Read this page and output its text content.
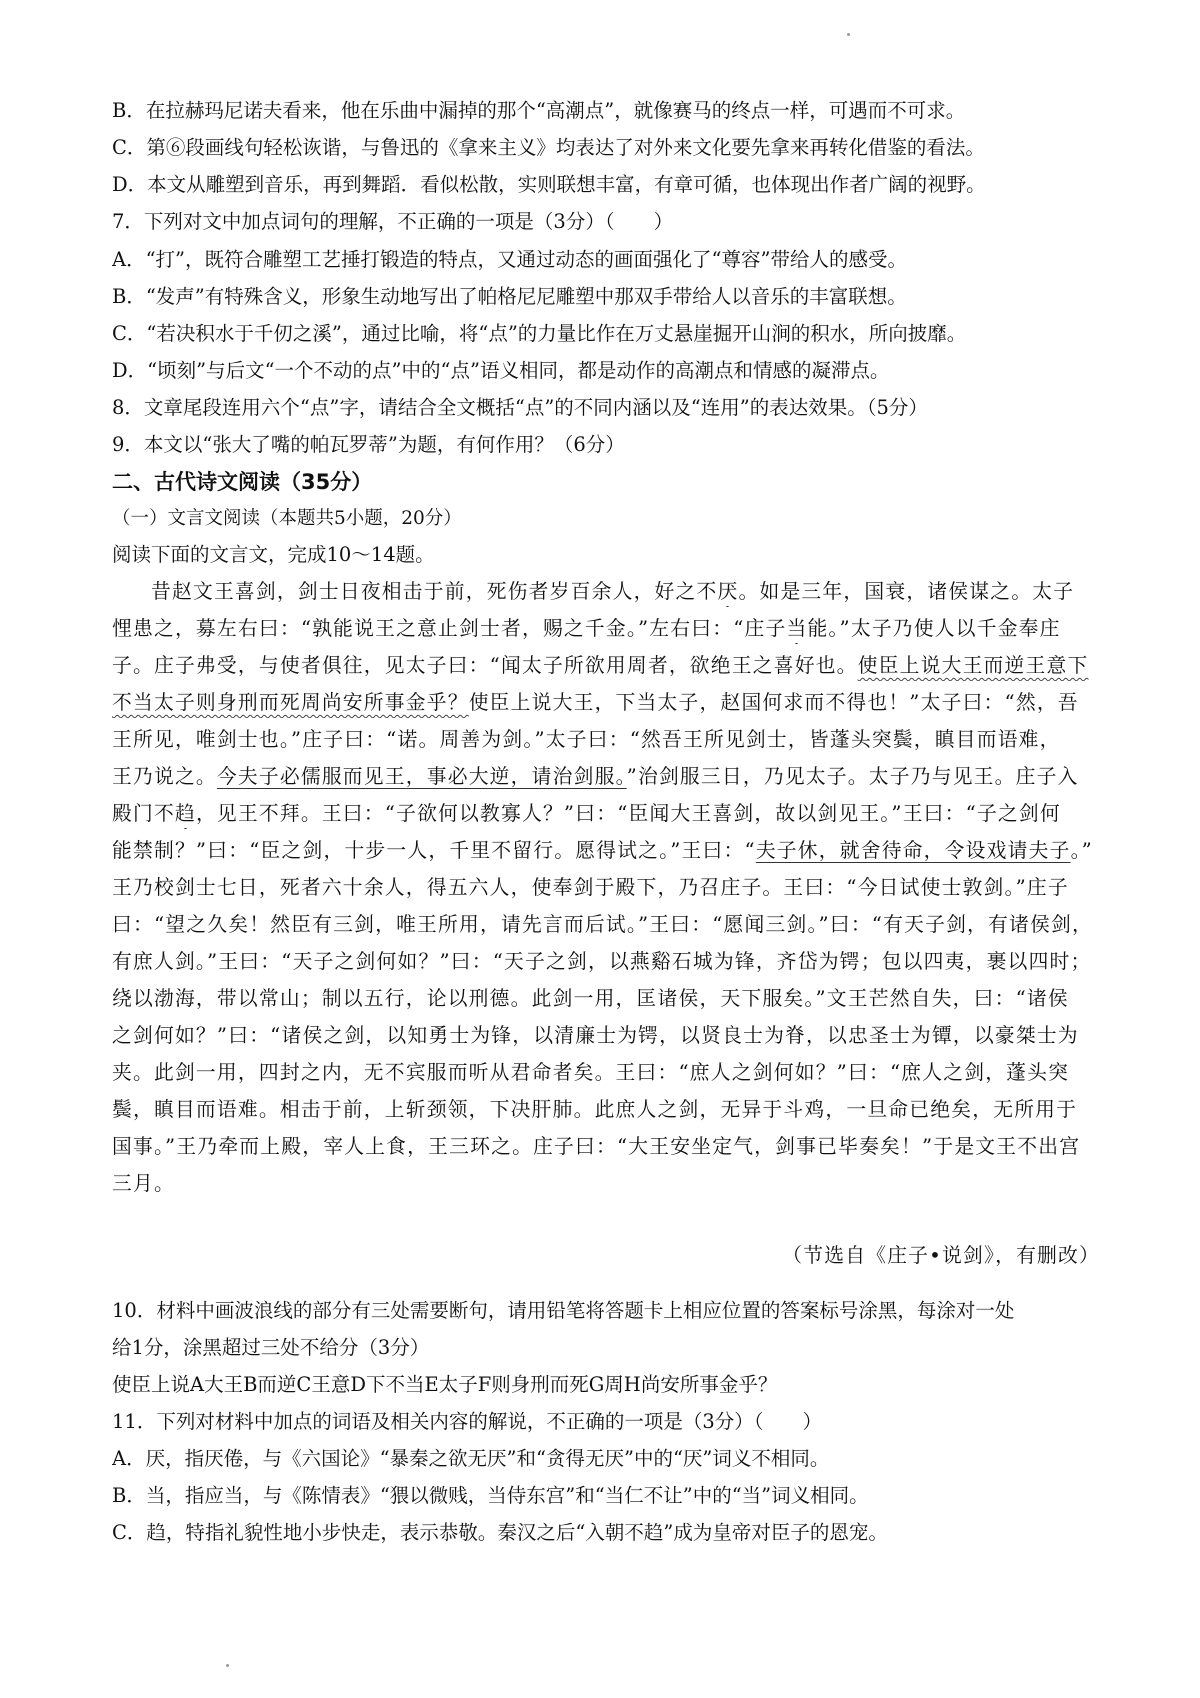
B．在拉赫玛尼诺夫看来，他在乐曲中漏掉的那个“高潮点”，就像赛马的终点一样，可遇而不可求。
C．第⑥段画线句轻松诙谐，与鲁迅的《拿来主义》均表达了对外来文化要先拿来再转化借鉴的看法。
D．本文从雕塑到音乐，再到舞蹈．看似松散，实则联想丰富，有章可循，也体现出作者广阔的视野。
7．下列对文中加点词句的理解，不正确的一项是（3分）（　　）
A．“打”，既符合雕塑工艺捶打锻造的特点，又通过动态的画面强化了“尊容”带给人的感受。
B．“发声”有特殊含义，形象生动地写出了帕格尼尼雕塑中那双手带给人以音乐的丰富联想。
C．“若决积水于千仞之溪”，通过比喻，将“点”的力量比作在万丈悬崖掘开山涧的积水，所向披靡。
D．“顷刻”与后文“一个不动的点”中的“点”语义相同，都是动作的高潮点和情感的凝滞点。
8．文章尾段连用六个“点”字，请结合全文概括“点”的不同内涵以及“连用”的表达效果。（5分）
9．本文以“张大了嘴的帕瓦罗蒂”为题，有何作用？（6分）
二、古代诗文阅读（35分）
（一）文言文阅读（本题共5小题，20分）
阅读下面的文言文，完成10～14题。
昔赵文王喜剑，剑士日夜相击于前，死伤者岁百余人，好之不厌。如是三年，国衰，诸侯谋之。太子
悝患之，募左右曰：“孰能说王之意止剑士者，赐之千金。”左右曰：“庄子当能。”太子乃使人以千金奉庄
子。庄子弗受，与使者俱往，见太子曰：“闻太子所欲用周者，欲绝王之喜好也。使臣上说大王而逆王意下
不当太子则身刑而死周尚安所事金乎？使臣上说大王，下当太子，赵国何求而不得也！”太子曰：“然，吾
王所见，唯剑士也。”庄子曰：“诺。周善为剑。”太子曰：“然吾王所见剑士，皆蓬头突鬓，瞋目而语难，
王乃说之。今夫子必儒服而见王，事必大逆，请治剑服。”治剑服三日，乃见太子。太子乃与见王。庄子入
殿门不趋，见王不拜。王曰：“子欲何以教寡人？”曰：“臣闻大王喜剑，故以剑见王。”王曰：“子之剑何
能禁制？”曰：“臣之剑，十步一人，千里不留行。愿得试之。”王曰：“夫子休，就舍待命，令设戏请夫子。”
王乃校剑士七日，死者六十余人，得五六人，使奉剑于殿下，乃召庄子。王曰：“今日试使士敦剑。”庄子
曰：“望之久矣！然臣有三剑，唯王所用，请先言而后试。”王曰：“愿闻三剑。”曰：“有天子剑，有诸侯剑，
有庶人剑。”王曰：“天子之剑何如？”曰：“天子之剑，以燕谿石城为锋，齐岱为锷；包以四夷，裹以四时；
绕以渤海，带以常山；制以五行，论以刑德。此剑一用，匡诸侯，天下服矣。”文王芒然自失，曰：“诸侯
之剑何如？”曰：“诸侯之剑，以知勇士为锋，以清廉士为锷，以贤良士为脊，以忠圣士为镡，以豪桀士为
夹。此剑一用，四封之内，无不宾服而听从君命者矣。王曰：“庶人之剑何如？”曰：“庶人之剑，蓬头突
鬓，瞋目而语难。相击于前，上斩颈领，下决肝肺。此庶人之剑，无异于斗鸡，一旦命已绝矣，无所用于
国事。”王乃牵而上殿，宰人上食，王三环之。庄子曰：“大王安坐定气，剑事已毕奏矣！”于是文王不出宫
三月。
（节选自《庄子•说剑》，有删改）
10．材料中画波浪线的部分有三处需要断句，请用铅笔将答题卡上相应位置的答案标号涂黑，每涂对一处
给1分，涂黑超过三处不给分（3分）
使臣上说A大王B而逆C王意D下不当E太子F则身刑而死G周H尚安所事金乎？
11．下列对材料中加点的词语及相关内容的解说，不正确的一项是（3分）（　　）
A．厌，指厌倦，与《六国论》“暴秦之欲无厌”和“贪得无厌”中的“厌”词义不相同。
B．当，指应当，与《陈情表》“猥以微贱，当侍东宫”和“当仁不让”中的“当”词义相同。
C．趋，特指礼貌性地小步快走，表示恭敬。秦汉之后“入朝不趋”成为皇帝对臣子的恩宠。
